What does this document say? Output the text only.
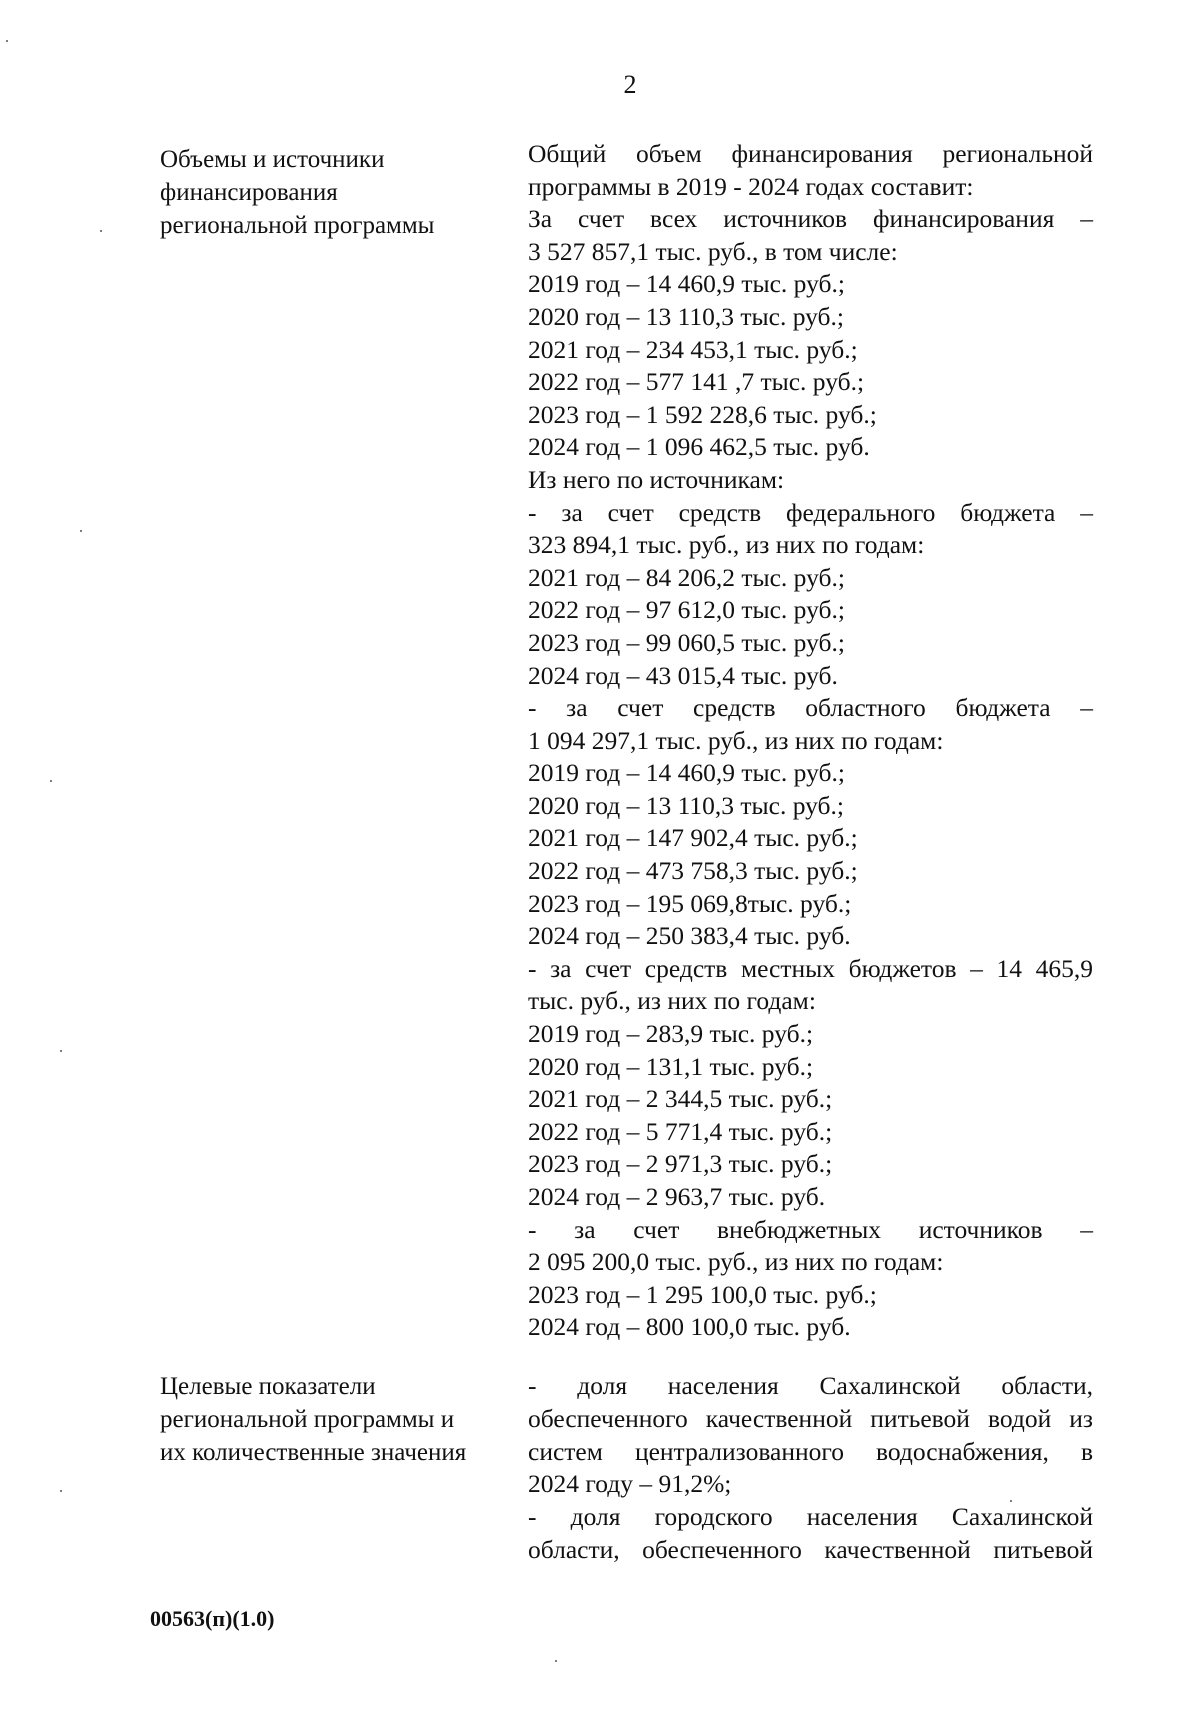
2
Объемы и источники
финансирования
региональной программы
Общий объем финансирования региональной
программы в 2019 - 2024 годах составит:
За счет всех источников финансирования –
3 527 857,1 тыс. руб., в том числе:
2019 год – 14 460,9 тыс. руб.;
2020 год – 13 110,3 тыс. руб.;
2021 год – 234 453,1 тыс. руб.;
2022 год – 577 141 ,7 тыс. руб.;
2023 год – 1 592 228,6 тыс. руб.;
2024 год – 1 096 462,5 тыс. руб.
Из него по источникам:
- за счет средств федерального бюджета –
323 894,1 тыс. руб., из них по годам:
2021 год – 84 206,2 тыс. руб.;
2022 год – 97 612,0 тыс. руб.;
2023 год – 99 060,5 тыс. руб.;
2024 год – 43 015,4 тыс. руб.
- за счет средств областного бюджета –
1 094 297,1 тыс. руб., из них по годам:
2019 год – 14 460,9 тыс. руб.;
2020 год – 13 110,3 тыс. руб.;
2021 год – 147 902,4 тыс. руб.;
2022 год – 473 758,3 тыс. руб.;
2023 год – 195 069,8тыс. руб.;
2024 год – 250 383,4 тыс. руб.
- за счет средств местных бюджетов – 14 465,9
тыс. руб., из них по годам:
2019 год – 283,9 тыс. руб.;
2020 год – 131,1 тыс. руб.;
2021 год – 2 344,5 тыс. руб.;
2022 год – 5 771,4 тыс. руб.;
2023 год – 2 971,3 тыс. руб.;
2024 год – 2 963,7 тыс. руб.
- за счет внебюджетных источников –
2 095 200,0 тыс. руб., из них по годам:
2023 год – 1 295 100,0 тыс. руб.;
2024 год – 800 100,0 тыс. руб.
Целевые показатели
региональной программы и
их количественные значения
- доля населения Сахалинской области,
обеспеченного качественной питьевой водой из
систем централизованного водоснабжения, в
2024 году – 91,2%;
- доля городского населения Сахалинской
области, обеспеченного качественной питьевой
00563(п)(1.0)
